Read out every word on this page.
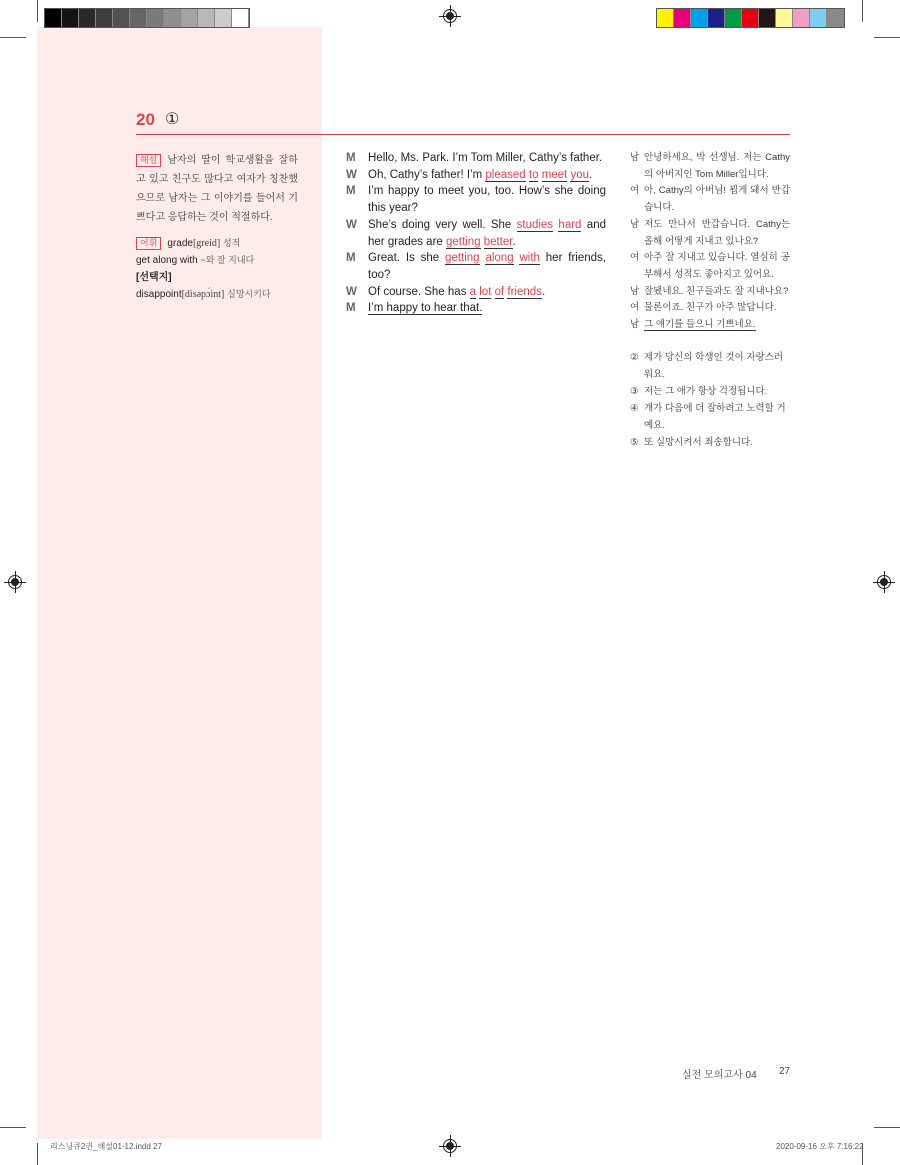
20 ①
해설 남자의 딸이 학교생활을 잘하고 있고 친구도 많다고 여자가 칭찬했으므로 남자는 그 이야기를 들어서 기쁘다고 응답하는 것이 적절하다.
어휘 grade[greid] 성적
get along with ~와 잘 지내다
[선택지]
disappoint[dìsəpɔ́int] 실망시키다
M	Hello, Ms. Park. I’m Tom Miller, Cathy’s father.
W Oh, Cathy’s father! I’m pleased to meet you.
M	I’m happy to meet you, too. How’s she doing this year?
W She’s doing very well. She studies hard and her grades are getting better.
M	Great. Is she getting along with her friends, too?
W Of course. She has a lot of friends.
M	I’m happy to hear that.
남 안녕하세요, 박 선생님. 저는 Cathy의 아버지인 Tom Miller입니다.
여 아, Cathy의 아버님! 뵙게 돼서 반갑습니다.
남 저도 만나서 반갑습니다. Cathy는 올해 어떻게 지내고 있나요?
여 아주 잘 지내고 있습니다. 열심히 공부해서 성적도 좋아지고 있어요.
남 잘됐네요. 친구들과도 잘 지내나요?
여 물론이죠. 친구가 아주 많답니다.
남 그 얘기를 들으니 기쁘네요.
② 제가 당신의 학생인 것이 자랑스러워요.
③ 저는 그 애가 항상 걱정됩니다.
④ 걔가 다음에 더 잘하려고 노력할 거예요.
⑤ 또 실망시켜서 죄송합니다.
실전 모의고사 04 27
리스닝큐2권_해설01-12.indd 27	2020-09-16 오후 7:16:22
